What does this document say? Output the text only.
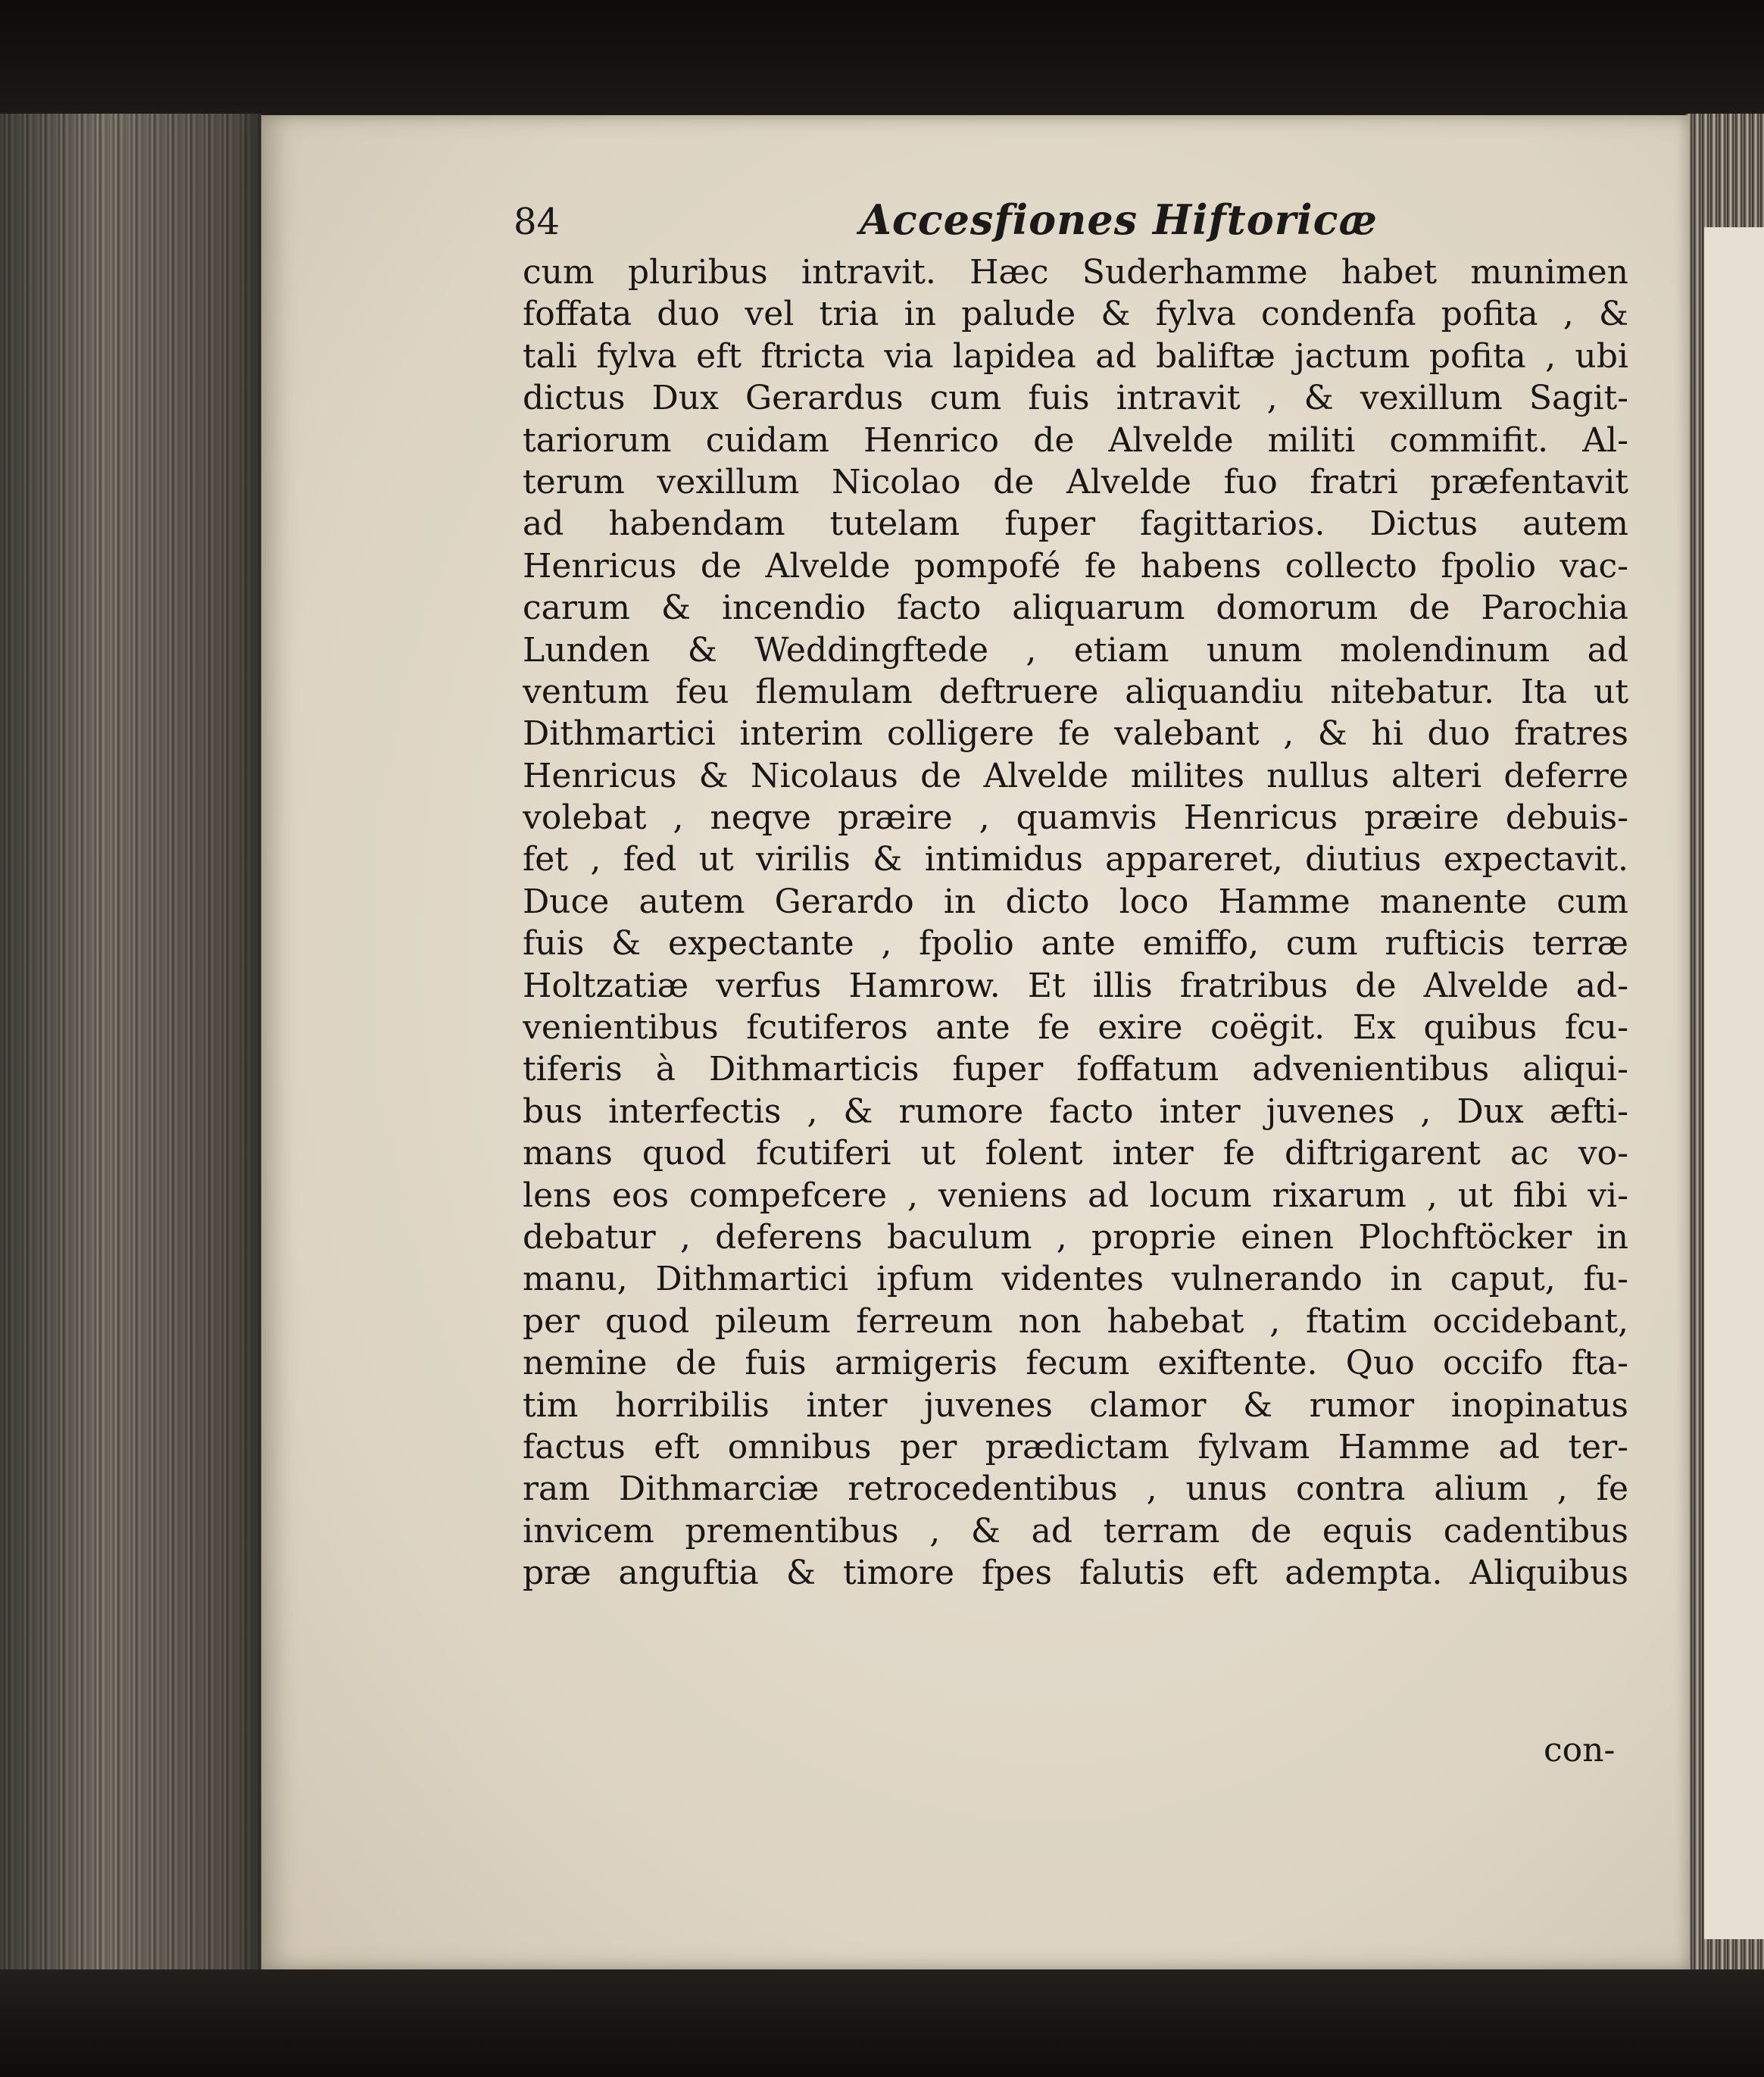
84	Accesfiones Hiftoricæ
cum pluribus intravit. Hæc Suderhamme habet munimen
foffata duo vel tria in palude & fylva condenfa pofita , &
tali fylva eft ftricta via lapidea ad baliftæ jactum pofita , ubi
dictus Dux Gerardus cum fuis intravit , & vexillum Sagit-
tariorum cuidam Henrico de Alvelde militi commifit. Al-
terum vexillum Nicolao de Alvelde fuo fratri præfentavit
ad habendam tutelam fuper fagittarios. Dictus autem
Henricus de Alvelde pompofé fe habens collecto fpolio vac-
carum & incendio facto aliquarum domorum de Parochia
Lunden & Weddingftede , etiam unum molendinum ad
ventum feu flemulam deftruere aliquandiu nitebatur. Ita ut
Dithmartici interim colligere fe valebant , & hi duo fratres
Henricus & Nicolaus de Alvelde milites nullus alteri deferre
volebat , neqve præire , quamvis Henricus præire debuis-
fet , fed ut virilis & intimidus appareret, diutius expectavit.
Duce autem Gerardo in dicto loco Hamme manente cum
fuis & expectante , fpolio ante emiffo, cum rufticis terræ
Holtzatiæ verfus Hamrow. Et illis fratribus de Alvelde ad-
venientibus fcutiferos ante fe exire coëgit. Ex quibus fcu-
tiferis à Dithmarticis fuper foffatum advenientibus aliqui-
bus interfectis , & rumore facto inter juvenes , Dux æfti-
mans quod fcutiferi ut folent inter fe diftrigarent ac vo-
lens eos compefcere , veniens ad locum rixarum , ut fibi vi-
debatur , deferens baculum , proprie einen Plochftöcker in
manu, Dithmartici ipfum videntes vulnerando in caput, fu-
per quod pileum ferreum non habebat , ftatim occidebant,
nemine de fuis armigeris fecum exiftente. Quo occifo fta-
tim horribilis inter juvenes clamor & rumor inopinatus
factus eft omnibus per prædictam fylvam Hamme ad ter-
ram Dithmarciæ retrocedentibus , unus contra alium , fe
invicem prementibus , & ad terram de equis cadentibus
præ anguftia & timore fpes falutis eft adempta. Aliquibus
con-
